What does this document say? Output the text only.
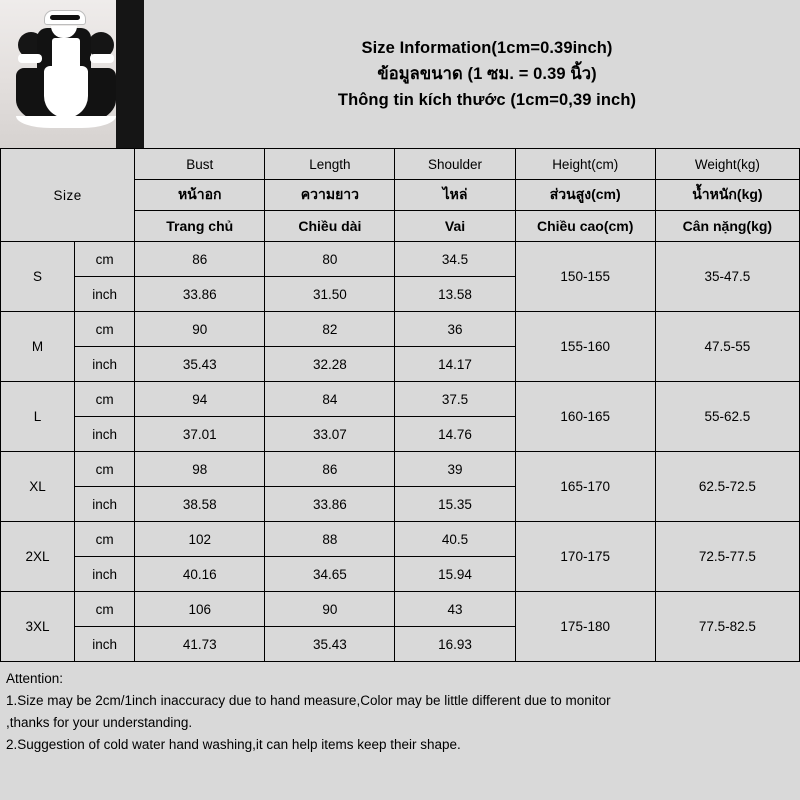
Size Information(1cm=0.39inch)
ข้อมูลขนาด (1 ซม. = 0.39 นิ้ว)
Thông tin kích thước (1cm=0,39 inch)
Size		Bust	Length	Shoulder	Height(cm)	Weight(kg)
		หน้าอก	ความยาว	ไหล่	ส่วนสูง(cm)	น้ำหนัก(kg)
		Trang chủ	Chiều dài	Vai	Chiều cao(cm)	Cân nặng(kg)
S	cm	86	80	34.5	150-155	35-47.5
	inch	33.86	31.50	13.58		
M	cm	90	82	36	155-160	47.5-55
	inch	35.43	32.28	14.17		
L	cm	94	84	37.5	160-165	55-62.5
	inch	37.01	33.07	14.76		
XL	cm	98	86	39	165-170	62.5-72.5
	inch	38.58	33.86	15.35		
2XL	cm	102	88	40.5	170-175	72.5-77.5
	inch	40.16	34.65	15.94		
3XL	cm	106	90	43	175-180	77.5-82.5
	inch	41.73	35.43	16.93		
Attention:
1.Size may be 2cm/1inch inaccuracy due to hand measure,Color may be little different due to monitor
,thanks for your understanding.
2.Suggestion of cold water hand washing,it can help items keep their shape.
